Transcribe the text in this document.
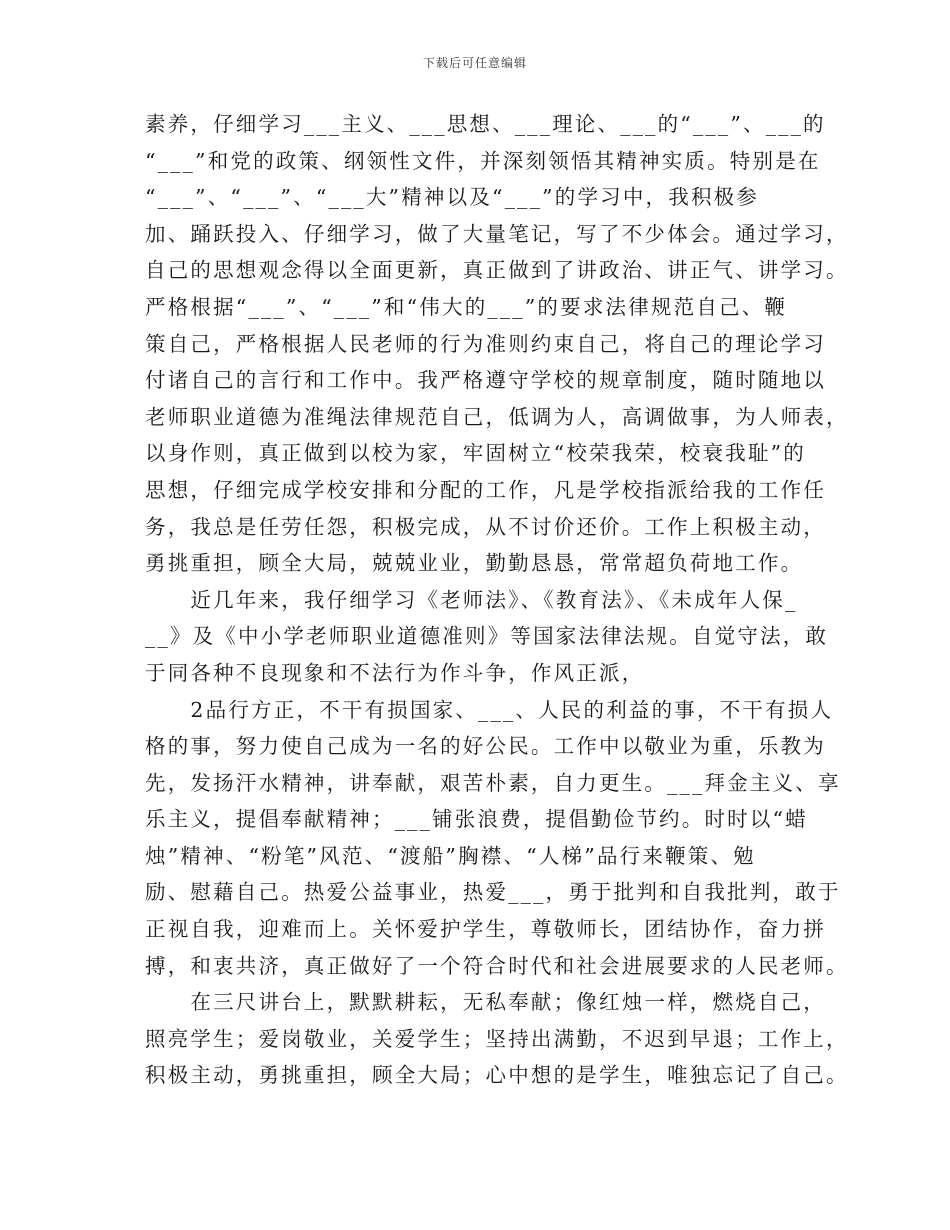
下载后可任意编辑
素养，仔细学习___主义、___思想、___理论、___的“___”、___的
“___”和党的政策、纲领性文件，并深刻领悟其精神实质。特别是在
“___”、“___”、“___大”精神以及“___”的学习中，我积极参
加、踊跃投入、仔细学习，做了大量笔记，写了不少体会。通过学习，
自己的思想观念得以全面更新，真正做到了讲政治、讲正气、讲学习。
严格根据“___”、“___”和“伟大的___”的要求法律规范自己、鞭
策自己，严格根据人民老师的行为准则约束自己，将自己的理论学习
付诸自己的言行和工作中。我严格遵守学校的规章制度，随时随地以
老师职业道德为准绳法律规范自己，低调为人，高调做事，为人师表，
以身作则，真正做到以校为家，牢固树立“校荣我荣，校衰我耻”的
思想，仔细完成学校安排和分配的工作，凡是学校指派给我的工作任
务，我总是任劳任怨，积极完成，从不讨价还价。工作上积极主动，
勇挑重担，顾全大局，兢兢业业，勤勤恳恳，常常超负荷地工作。
　　近几年来，我仔细学习《老师法》、《教育法》、《未成年人保_
__》及《中小学老师职业道德准则》等国家法律法规。自觉守法，敢
于同各种不良现象和不法行为作斗争，作风正派，
　　2品行方正，不干有损国家、___、人民的利益的事，不干有损人
格的事，努力使自己成为一名的好公民。工作中以敬业为重，乐教为
先，发扬汗水精神，讲奉献，艰苦朴素，自力更生。___拜金主义、享
乐主义，提倡奉献精神；___铺张浪费，提倡勤俭节约。时时以“蜡
烛”精神、“粉笔”风范、“渡船”胸襟、“人梯”品行来鞭策、勉
励、慰藉自己。热爱公益事业，热爱___，勇于批判和自我批判，敢于
正视自我，迎难而上。关怀爱护学生，尊敬师长，团结协作，奋力拼
搏，和衷共济，真正做好了一个符合时代和社会进展要求的人民老师。
　　在三尺讲台上，默默耕耘，无私奉献；像红烛一样，燃烧自己，
照亮学生；爱岗敬业，关爱学生；坚持出满勤，不迟到早退；工作上，
积极主动，勇挑重担，顾全大局；心中想的是学生，唯独忘记了自己。
